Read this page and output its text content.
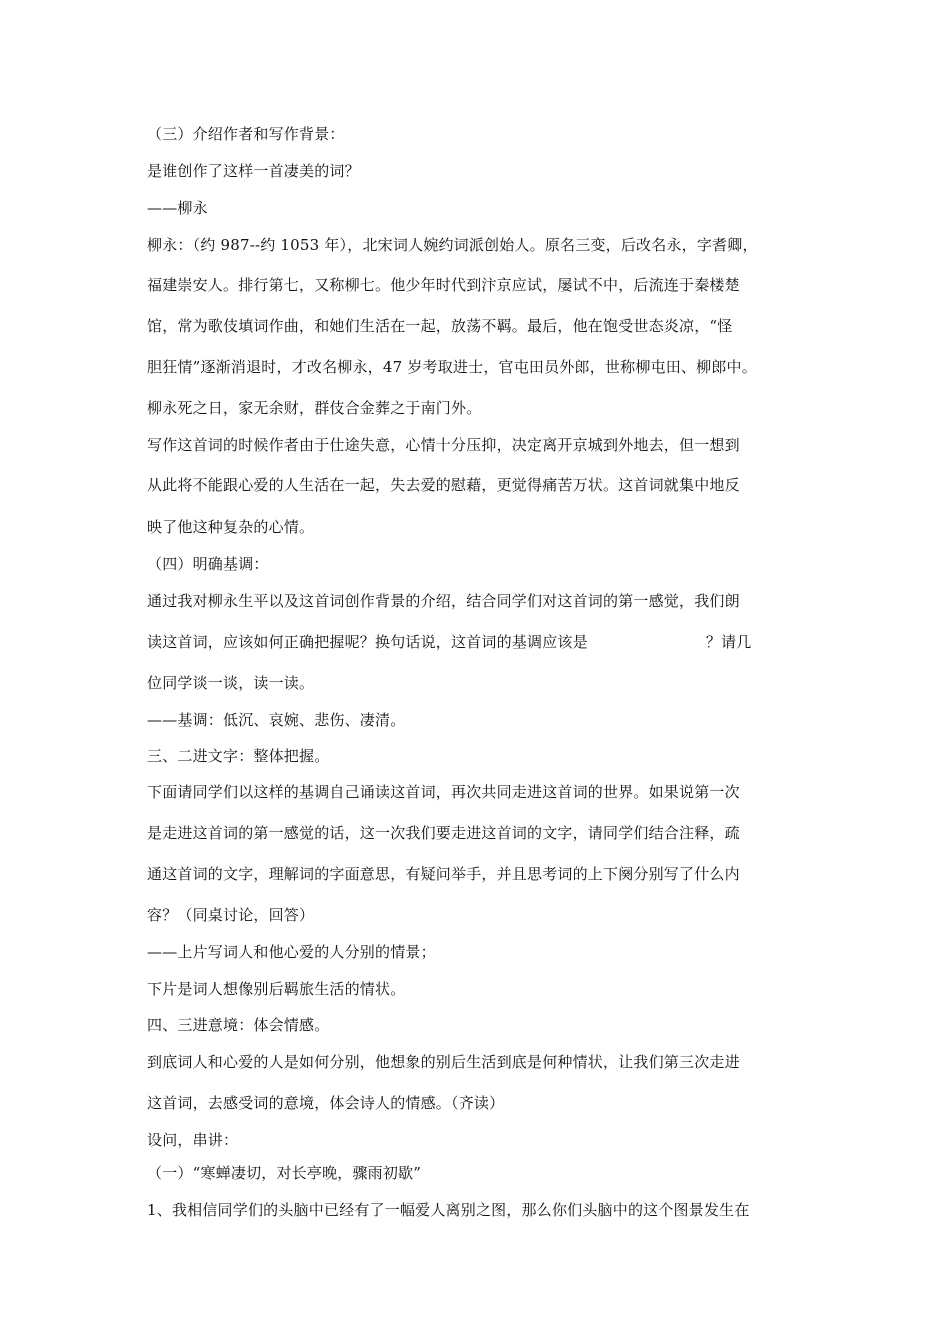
（三）介绍作者和写作背景：
是谁创作了这样一首凄美的词？
——柳永
柳永：（约 987--约 1053 年），北宋词人婉约词派创始人。原名三变，后改名永，字耆卿，
福建崇安人。排行第七，又称柳七。他少年时代到汴京应试，屡试不中，后流连于秦楼楚
馆，常为歌伎填词作曲，和她们生活在一起，放荡不羁。最后，他在饱受世态炎凉，“怪
胆狂情”逐渐消退时，才改名柳永，47 岁考取进士，官屯田员外郎，世称柳屯田、柳郎中。
柳永死之日，家无余财，群伎合金葬之于南门外。
写作这首词的时候作者由于仕途失意，心情十分压抑，决定离开京城到外地去，但一想到
从此将不能跟心爱的人生活在一起，失去爱的慰藉，更觉得痛苦万状。这首词就集中地反
映了他这种复杂的心情。
（四）明确基调：
通过我对柳永生平以及这首词创作背景的介绍，结合同学们对这首词的第一感觉，我们朗
读这首词，应该如何正确把握呢？换句话说，这首词的基调应该是	？请几
位同学谈一谈，读一读。
——基调：低沉、哀婉、悲伤、凄清。
三、二进文字：整体把握。
下面请同学们以这样的基调自己诵读这首词，再次共同走进这首词的世界。如果说第一次
是走进这首词的第一感觉的话，这一次我们要走进这首词的文字，请同学们结合注释，疏
通这首词的文字，理解词的字面意思，有疑问举手，并且思考词的上下阕分别写了什么内
容？（同桌讨论，回答）
——上片写词人和他心爱的人分别的情景；
下片是词人想像别后羁旅生活的情状。
四、三进意境：体会情感。
到底词人和心爱的人是如何分别，他想象的别后生活到底是何种情状，让我们第三次走进
这首词，去感受词的意境，体会诗人的情感。（齐读）
设问，串讲：
（一）“寒蝉凄切，对长亭晚，骤雨初歇”
1、我相信同学们的头脑中已经有了一幅爱人离别之图，那么你们头脑中的这个图景发生在
